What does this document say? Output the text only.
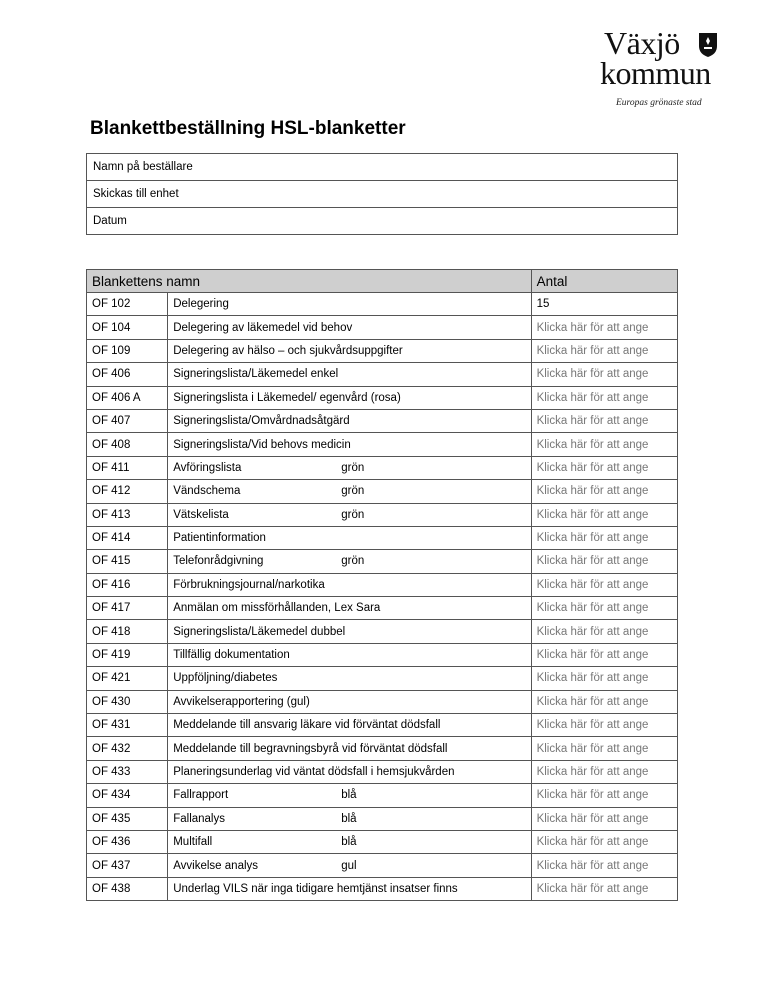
Växjö
kommun
Europas grönaste stad
Blankettbeställning HSL-blanketter
Namn på beställare
Skickas till enhet
Datum
Blankettens namn		Antal
OF 102	Delegering	15
OF 104	Delegering av läkemedel vid behov	Klicka här för att ange
OF 109	Delegering av hälso – och sjukvårdsuppgifter	Klicka här för att ange
OF 406	Signeringslista/Läkemedel enkel	Klicka här för att ange
OF 406 A	Signeringslista i Läkemedel/ egenvård (rosa)	Klicka här för att ange
OF 407	Signeringslista/Omvårdnadsåtgärd	Klicka här för att ange
OF 408	Signeringslista/Vid behovs medicin	Klicka här för att ange
OF 411	Avföringslista grön	Klicka här för att ange
OF 412	Vändschema grön	Klicka här för att ange
OF 413	Vätskelista grön	Klicka här för att ange
OF 414	Patientinformation	Klicka här för att ange
OF 415	Telefonrådgivning grön	Klicka här för att ange
OF 416	Förbrukningsjournal/narkotika	Klicka här för att ange
OF 417	Anmälan om missförhållanden, Lex Sara	Klicka här för att ange
OF 418	Signeringslista/Läkemedel dubbel	Klicka här för att ange
OF 419	Tillfällig dokumentation	Klicka här för att ange
OF 421	Uppföljning/diabetes	Klicka här för att ange
OF 430	Avvikelserapportering (gul)	Klicka här för att ange
OF 431	Meddelande till ansvarig läkare vid förväntat dödsfall	Klicka här för att ange
OF 432	Meddelande till begravningsbyrå vid förväntat dödsfall	Klicka här för att ange
OF 433	Planeringsunderlag vid väntat dödsfall i hemsjukvården	Klicka här för att ange
OF 434	Fallrapport blå	Klicka här för att ange
OF 435	Fallanalys blå	Klicka här för att ange
OF 436	Multifall blå	Klicka här för att ange
OF 437	Avvikelse analys gul	Klicka här för att ange
OF 438	Underlag VILS när inga tidigare hemtjänst insatser finns	Klicka här för att ange
